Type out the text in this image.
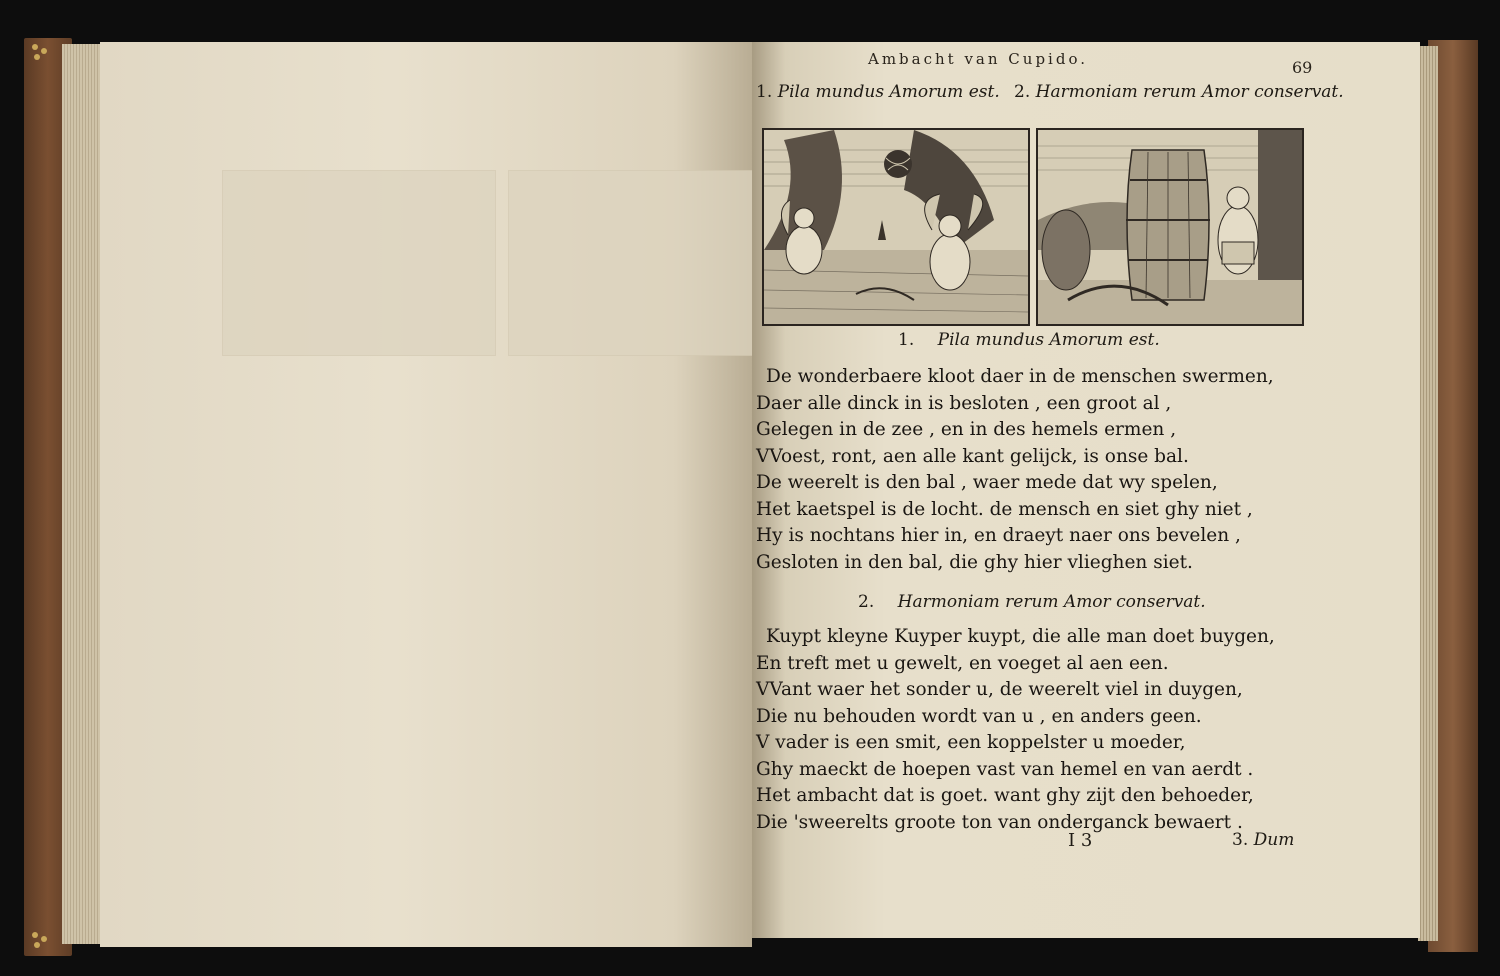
Ambacht van Cupido.	69
1. Pila mundus Amorum est. 2. Harmoniam rerum Amor conservat.
1. Pila mundus Amorum est.
De wonderbaere kloot daer in de menschen swermen,
Daer alle dinck in is besloten , een groot al ,
Gelegen in de zee , en in des hemels ermen ,
VVoest, ront, aen alle kant gelijck, is onse bal.
De weerelt is den bal , waer mede dat wy spelen,
Het kaetspel is de locht. de mensch en siet ghy niet ,
Hy is nochtans hier in, en draeyt naer ons bevelen ,
Gesloten in den bal, die ghy hier vlieghen siet.
2. Harmoniam rerum Amor conservat.
Kuypt kleyne Kuyper kuypt, die alle man doet buygen,
En treft met u gewelt, en voeget al aen een.
VVant waer het sonder u, de weerelt viel in duygen,
Die nu behouden wordt van u , en anders geen.
V vader is een smit, een koppelster u moeder,
Ghy maeckt de hoepen vast van hemel en van aerdt .
Het ambacht dat is goet. want ghy zijt den behoeder,
Die 'sweerelts groote ton van onderganck bewaert .
I 3	3. Dum
